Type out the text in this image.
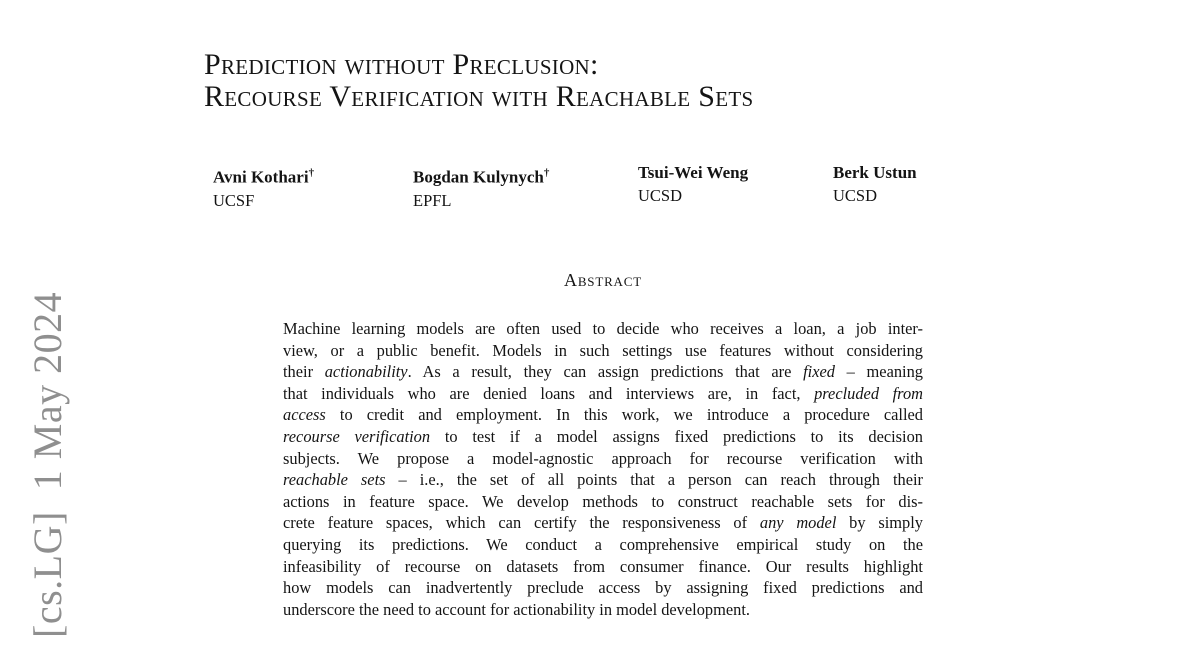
[cs.LG]  1 May 2024
Prediction without Preclusion:
Recourse Verification with Reachable Sets
Avni Kothari†
UCSF
Bogdan Kulynych†
EPFL
Tsui-Wei Weng
UCSD
Berk Ustun
UCSD
Abstract
Machine learning models are often used to decide who receives a loan, a job inter-
view, or a public benefit. Models in such settings use features without considering
their actionability. As a result, they can assign predictions that are fixed – meaning
that individuals who are denied loans and interviews are, in fact, precluded from
access to credit and employment. In this work, we introduce a procedure called
recourse verification to test if a model assigns fixed predictions to its decision
subjects. We propose a model-agnostic approach for recourse verification with
reachable sets – i.e., the set of all points that a person can reach through their
actions in feature space. We develop methods to construct reachable sets for dis-
crete feature spaces, which can certify the responsiveness of any model by simply
querying its predictions. We conduct a comprehensive empirical study on the
infeasibility of recourse on datasets from consumer finance. Our results highlight
how models can inadvertently preclude access by assigning fixed predictions and
underscore the need to account for actionability in model development.
